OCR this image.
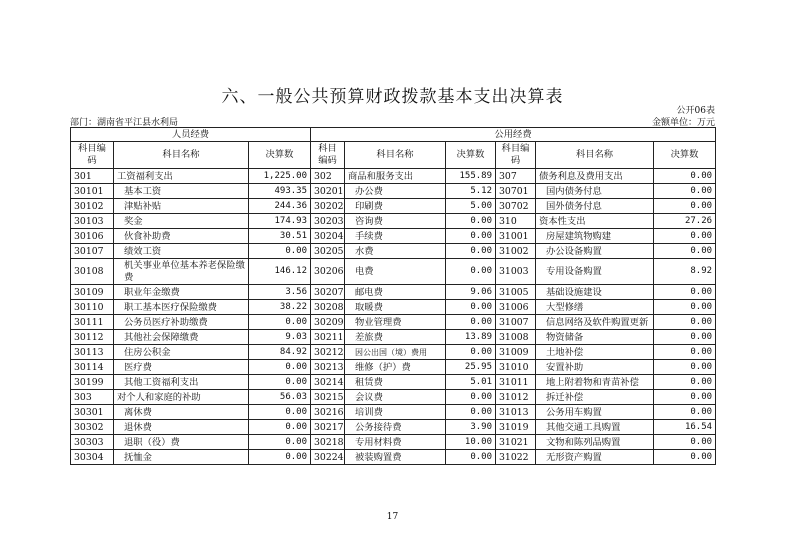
六、一般公共预算财政拨款基本支出决算表
公开06表
部门：湖南省平江县水利局	金额单位：万元
人员经费			公用经费					
科目编码	科目名称	决算数	科目编码	科目名称	决算数	科目编码	科目名称	决算数
301	工资福利支出	1,225.00	302	商品和服务支出	155.89	307	债务利息及费用支出	0.00
30101	基本工资	493.35	30201	办公费	5.12	30701	国内债务付息	0.00
30102	津贴补贴	244.36	30202	印刷费	5.00	30702	国外债务付息	0.00
30103	奖金	174.93	30203	咨询费	0.00	310	资本性支出	27.26
30106	伙食补助费	30.51	30204	手续费	0.00	31001	房屋建筑物购建	0.00
30107	绩效工资	0.00	30205	水费	0.00	31002	办公设备购置	0.00
30108	机关事业单位基本养老保险缴费	146.12	30206	电费	0.00	31003	专用设备购置	8.92
30109	职业年金缴费	3.56	30207	邮电费	9.06	31005	基础设施建设	0.00
30110	职工基本医疗保险缴费	38.22	30208	取暖费	0.00	31006	大型修缮	0.00
30111	公务员医疗补助缴费	0.00	30209	物业管理费	0.00	31007	信息网络及软件购置更新	0.00
30112	其他社会保障缴费	9.03	30211	差旅费	13.89	31008	物资储备	0.00
30113	住房公积金	84.92	30212	因公出国（境）费用	0.00	31009	土地补偿	0.00
30114	医疗费	0.00	30213	维修（护）费	25.95	31010	安置补助	0.00
30199	其他工资福利支出	0.00	30214	租赁费	5.01	31011	地上附着物和青苗补偿	0.00
303	对个人和家庭的补助	56.03	30215	会议费	0.00	31012	拆迁补偿	0.00
30301	离休费	0.00	30216	培训费	0.00	31013	公务用车购置	0.00
30302	退休费	0.00	30217	公务接待费	3.90	31019	其他交通工具购置	16.54
30303	退职（役）费	0.00	30218	专用材料费	10.00	31021	文物和陈列品购置	0.00
30304	抚恤金	0.00	30224	被装购置费	0.00	31022	无形资产购置	0.00
17
